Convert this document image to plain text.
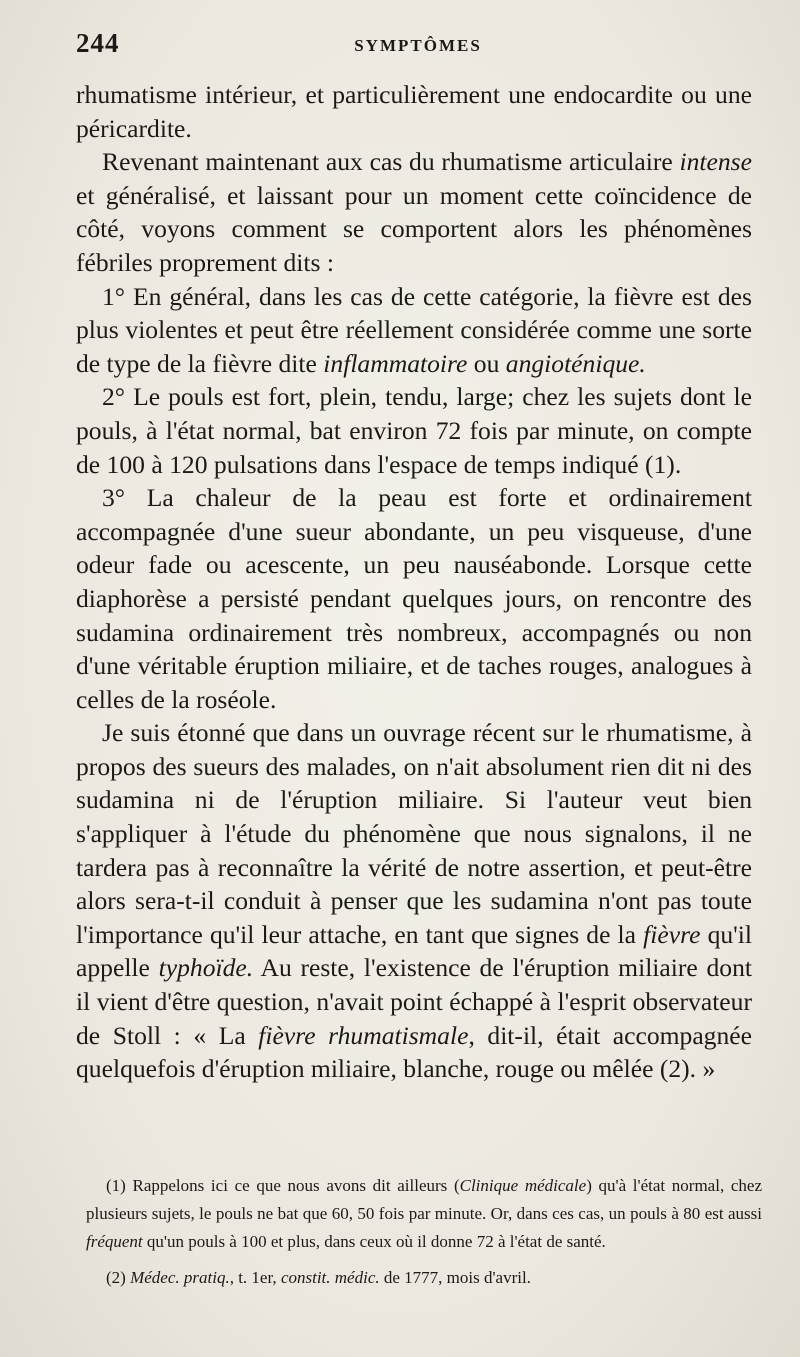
244	SYMPTÔMES

rhumatisme intérieur, et particulièrement une endocardite ou une péricardite.

Revenant maintenant aux cas du rhumatisme articulaire intense et généralisé, et laissant pour un moment cette coïncidence de côté, voyons comment se comportent alors les phénomènes fébriles proprement dits :

1° En général, dans les cas de cette catégorie, la fièvre est des plus violentes et peut être réellement considérée comme une sorte de type de la fièvre dite inflammatoire ou angioténique.

2° Le pouls est fort, plein, tendu, large; chez les sujets dont le pouls, à l'état normal, bat environ 72 fois par minute, on compte de 100 à 120 pulsations dans l'espace de temps indiqué (1).

3° La chaleur de la peau est forte et ordinairement accompagnée d'une sueur abondante, un peu visqueuse, d'une odeur fade ou acescente, un peu nauséabonde. Lorsque cette diaphorèse a persisté pendant quelques jours, on rencontre des sudamina ordinairement très nombreux, accompagnés ou non d'une véritable éruption miliaire, et de taches rouges, analogues à celles de la roséole.

Je suis étonné que dans un ouvrage récent sur le rhumatisme, à propos des sueurs des malades, on n'ait absolument rien dit ni des sudamina ni de l'éruption miliaire. Si l'auteur veut bien s'appliquer à l'étude du phénomène que nous signalons, il ne tardera pas à reconnaître la vérité de notre assertion, et peut-être alors sera-t-il conduit à penser que les sudamina n'ont pas toute l'importance qu'il leur attache, en tant que signes de la fièvre qu'il appelle typhoïde. Au reste, l'existence de l'éruption miliaire dont il vient d'être question, n'avait point échappé à l'esprit observateur de Stoll : « La fièvre rhumatismale, dit-il, était accompagnée quelquefois d'éruption miliaire, blanche, rouge ou mêlée (2). »

(1) Rappelons ici ce que nous avons dit ailleurs (Clinique médicale) qu'à l'état normal, chez plusieurs sujets, le pouls ne bat que 60, 50 fois par minute. Or, dans ces cas, un pouls à 80 est aussi fréquent qu'un pouls à 100 et plus, dans ceux où il donne 72 à l'état de santé.

(2) Médec. pratiq., t. 1er, constit. médic. de 1777, mois d'avril.
